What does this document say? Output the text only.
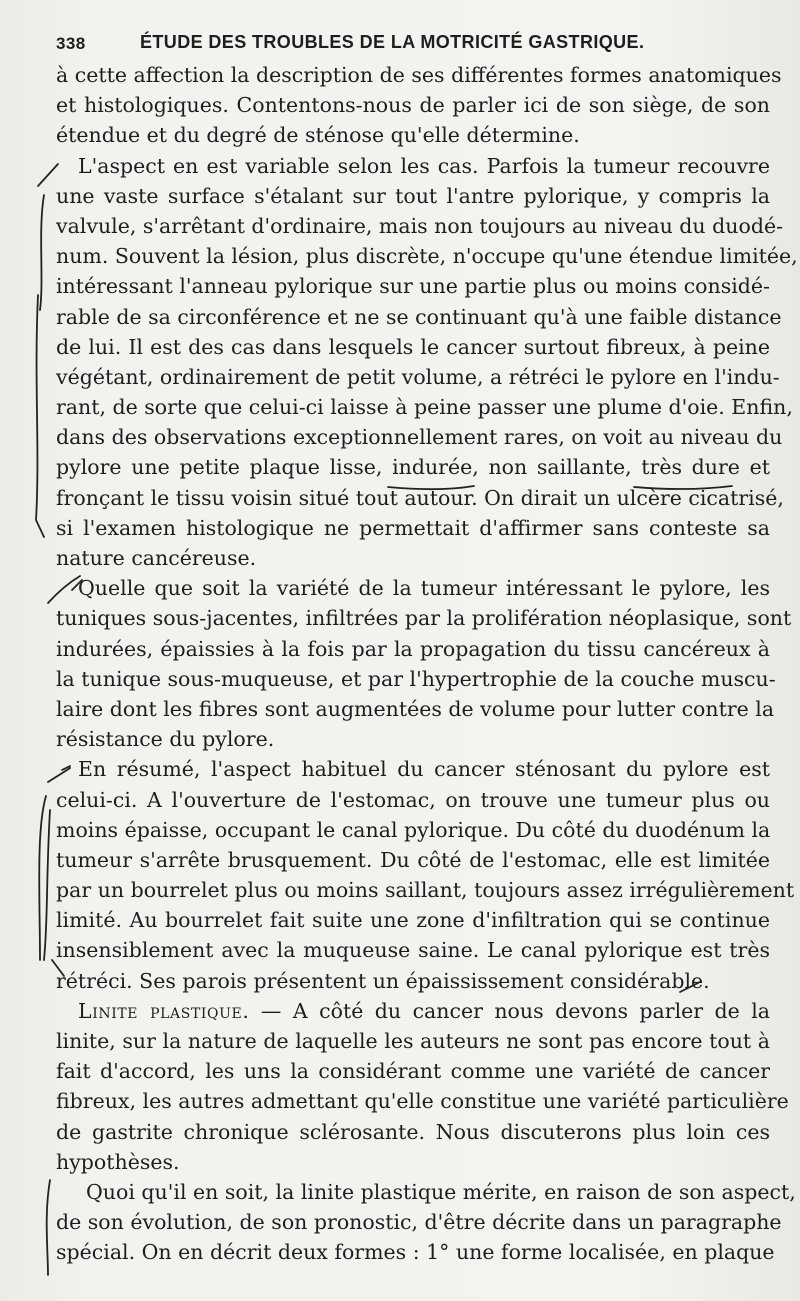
338	ÉTUDE DES TROUBLES DE LA MOTRICITÉ GASTRIQUE.
à cette affection la description de ses différentes formes anatomiques
et histologiques. Contentons-nous de parler ici de son siège, de son
étendue et du degré de sténose qu'elle détermine.
L'aspect en est variable selon les cas. Parfois la tumeur recouvre
une vaste surface s'étalant sur tout l'antre pylorique, y compris la
valvule, s'arrêtant d'ordinaire, mais non toujours au niveau du duodé-
num. Souvent la lésion, plus discrète, n'occupe qu'une étendue limitée,
intéressant l'anneau pylorique sur une partie plus ou moins considé-
rable de sa circonférence et ne se continuant qu'à une faible distance
de lui. Il est des cas dans lesquels le cancer surtout fibreux, à peine
végétant, ordinairement de petit volume, a rétréci le pylore en l'indu-
rant, de sorte que celui-ci laisse à peine passer une plume d'oie. Enfin,
dans des observations exceptionnellement rares, on voit au niveau du
pylore une petite plaque lisse, indurée, non saillante, très dure et
fronçant le tissu voisin situé tout autour. On dirait un ulcère cicatrisé,
si l'examen histologique ne permettait d'affirmer sans conteste sa
nature cancéreuse.
Quelle que soit la variété de la tumeur intéressant le pylore, les
tuniques sous-jacentes, infiltrées par la prolifération néoplasique, sont
indurées, épaissies à la fois par la propagation du tissu cancéreux à
la tunique sous-muqueuse, et par l'hypertrophie de la couche muscu-
laire dont les fibres sont augmentées de volume pour lutter contre la
résistance du pylore.
En résumé, l'aspect habituel du cancer sténosant du pylore est
celui-ci. A l'ouverture de l'estomac, on trouve une tumeur plus ou
moins épaisse, occupant le canal pylorique. Du côté du duodénum la
tumeur s'arrête brusquement. Du côté de l'estomac, elle est limitée
par un bourrelet plus ou moins saillant, toujours assez irrégulièrement
limité. Au bourrelet fait suite une zone d'infiltration qui se continue
insensiblement avec la muqueuse saine. Le canal pylorique est très
rétréci. Ses parois présentent un épaississement considérable.
Linite plastique. — A côté du cancer nous devons parler de la
linite, sur la nature de laquelle les auteurs ne sont pas encore tout à
fait d'accord, les uns la considérant comme une variété de cancer
fibreux, les autres admettant qu'elle constitue une variété particulière
de gastrite chronique sclérosante. Nous discuterons plus loin ces
hypothèses.
Quoi qu'il en soit, la linite plastique mérite, en raison de son aspect,
de son évolution, de son pronostic, d'être décrite dans un paragraphe
spécial. On en décrit deux formes : 1° une forme localisée, en plaque
